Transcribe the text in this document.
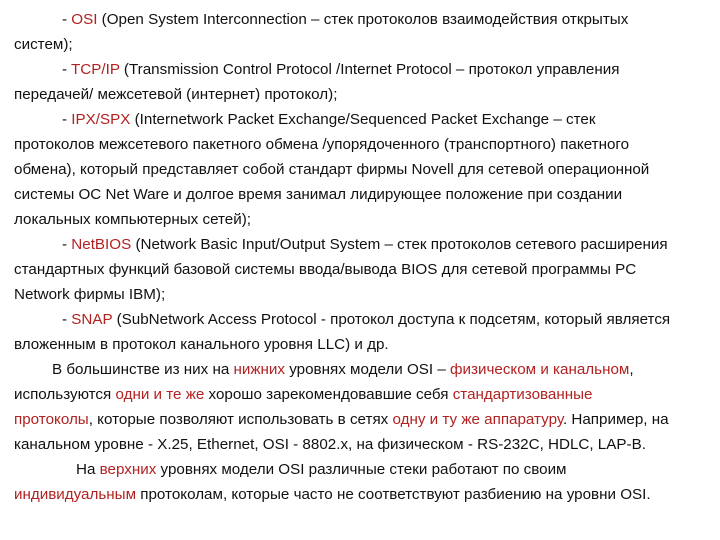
- OSI (Open System Interconnection – стек протоколов взаимодействия открытых
систем);
- TCP/IP (Transmission Control Protocol /Internet Protocol – протокол управления
передачей/ межсетевой (интернет) протокол);
- IPX/SPX (Internetwork Packet Exchange/Sequenced Packet Exchange – стек
протоколов межсетевого пакетного обмена /упорядоченного (транспортного) пакетного
обмена), который представляет собой стандарт фирмы Novell для сетевой операционной
системы ОС Net Ware и долгое время занимал лидирующее положение при создании
локальных компьютерных сетей);
- NetBIOS (Network Basic Input/Output System – стек протоколов сетевого расширения
стандартных функций базовой системы ввода/вывода BIOS для сетевой программы PC
Network фирмы IBM);
- SNAP (SubNetwork Access Protocol - протокол доступа к подсетям, который является
вложенным в протокол канального уровня LLC) и др.
В большинстве из них на нижних уровнях модели OSI – физическом и канальном,
используются одни и те же хорошо зарекомендовавшие себя стандартизованные
протоколы, которые позволяют использовать в сетях одну и ту же аппаратуру. Например, на
канальном уровне - X.25, Ethernet, OSI - 8802.x, на физическом - RS-232C, HDLC, LAP-B.
На верхних уровнях модели OSI различные стеки работают по своим
индивидуальным протоколам, которые часто не соответствуют разбиению на уровни OSI.
